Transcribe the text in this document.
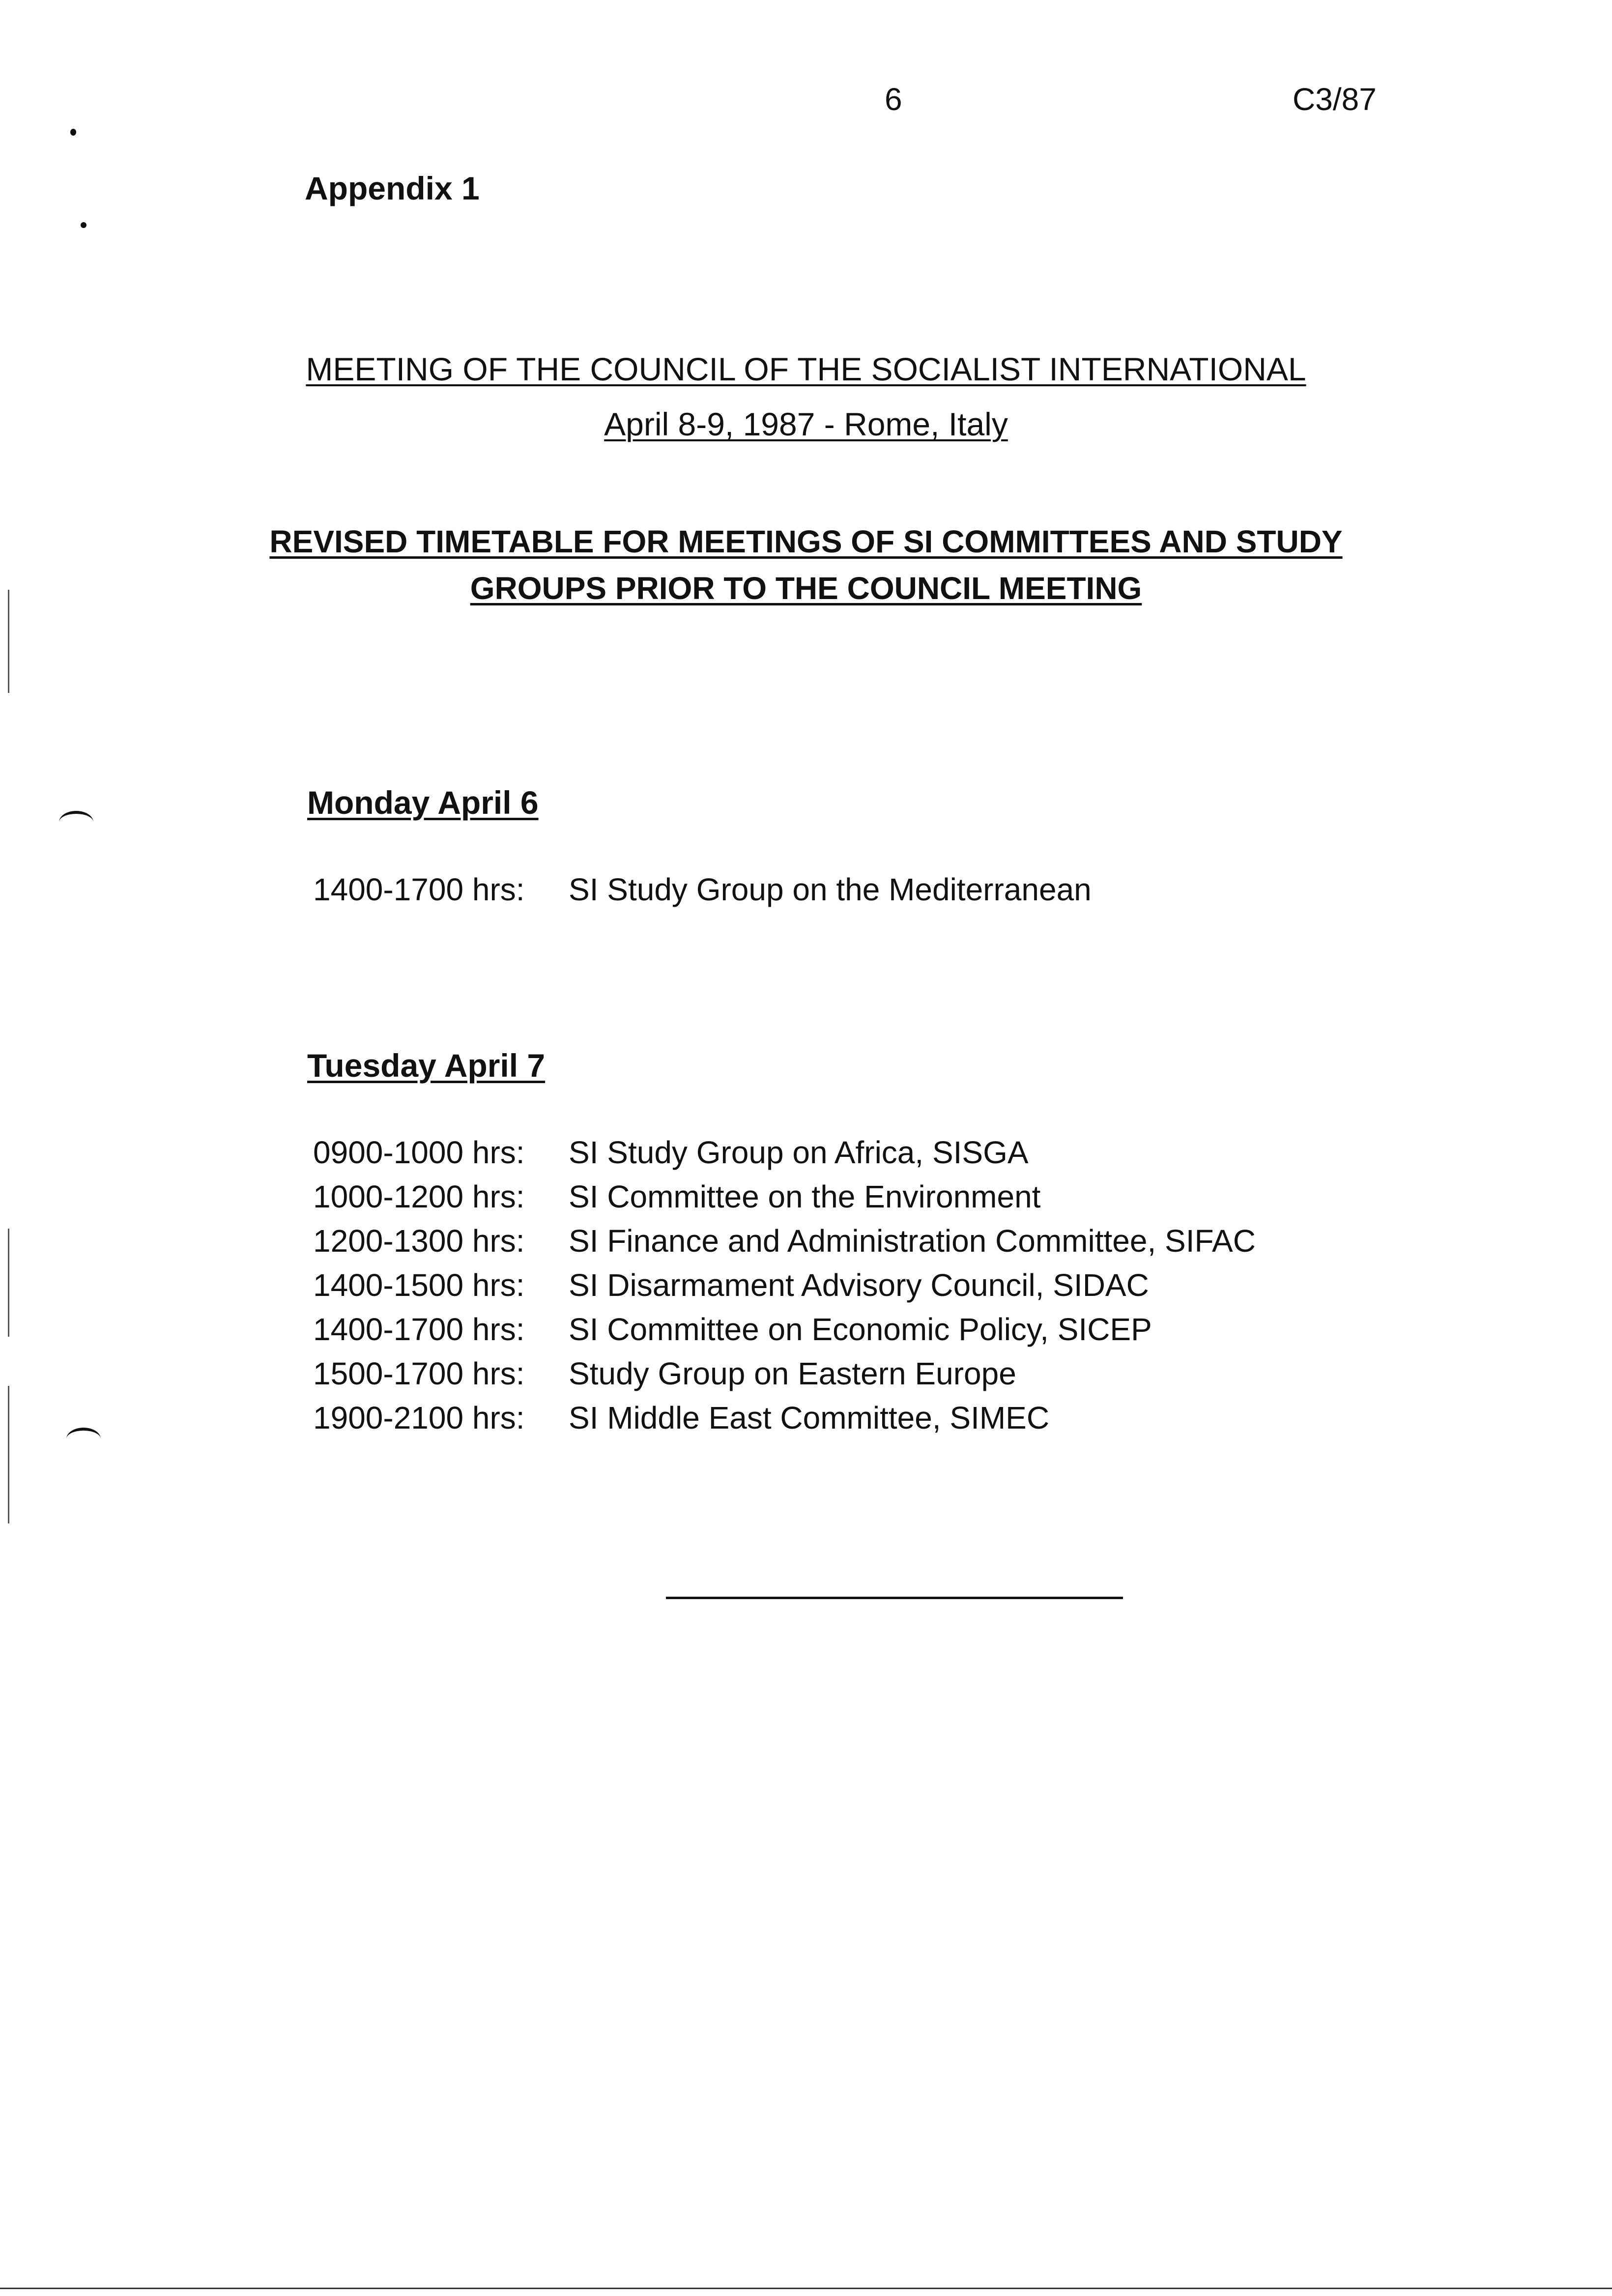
6	C3/87
Appendix 1
MEETING OF THE COUNCIL OF THE SOCIALIST INTERNATIONAL
April 8-9, 1987 - Rome, Italy
REVISED TIMETABLE FOR MEETINGS OF SI COMMITTEES AND STUDY
GROUPS PRIOR TO THE COUNCIL MEETING
Monday April 6
1400-1700 hrs:	SI Study Group on the Mediterranean
Tuesday April 7
0900-1000 hrs:	SI Study Group on Africa, SISGA
1000-1200 hrs:	SI Committee on the Environment
1200-1300 hrs:	SI Finance and Administration Committee, SIFAC
1400-1500 hrs:	SI Disarmament Advisory Council, SIDAC
1400-1700 hrs:	SI Committee on Economic Policy, SICEP
1500-1700 hrs:	Study Group on Eastern Europe
1900-2100 hrs:	SI Middle East Committee, SIMEC
